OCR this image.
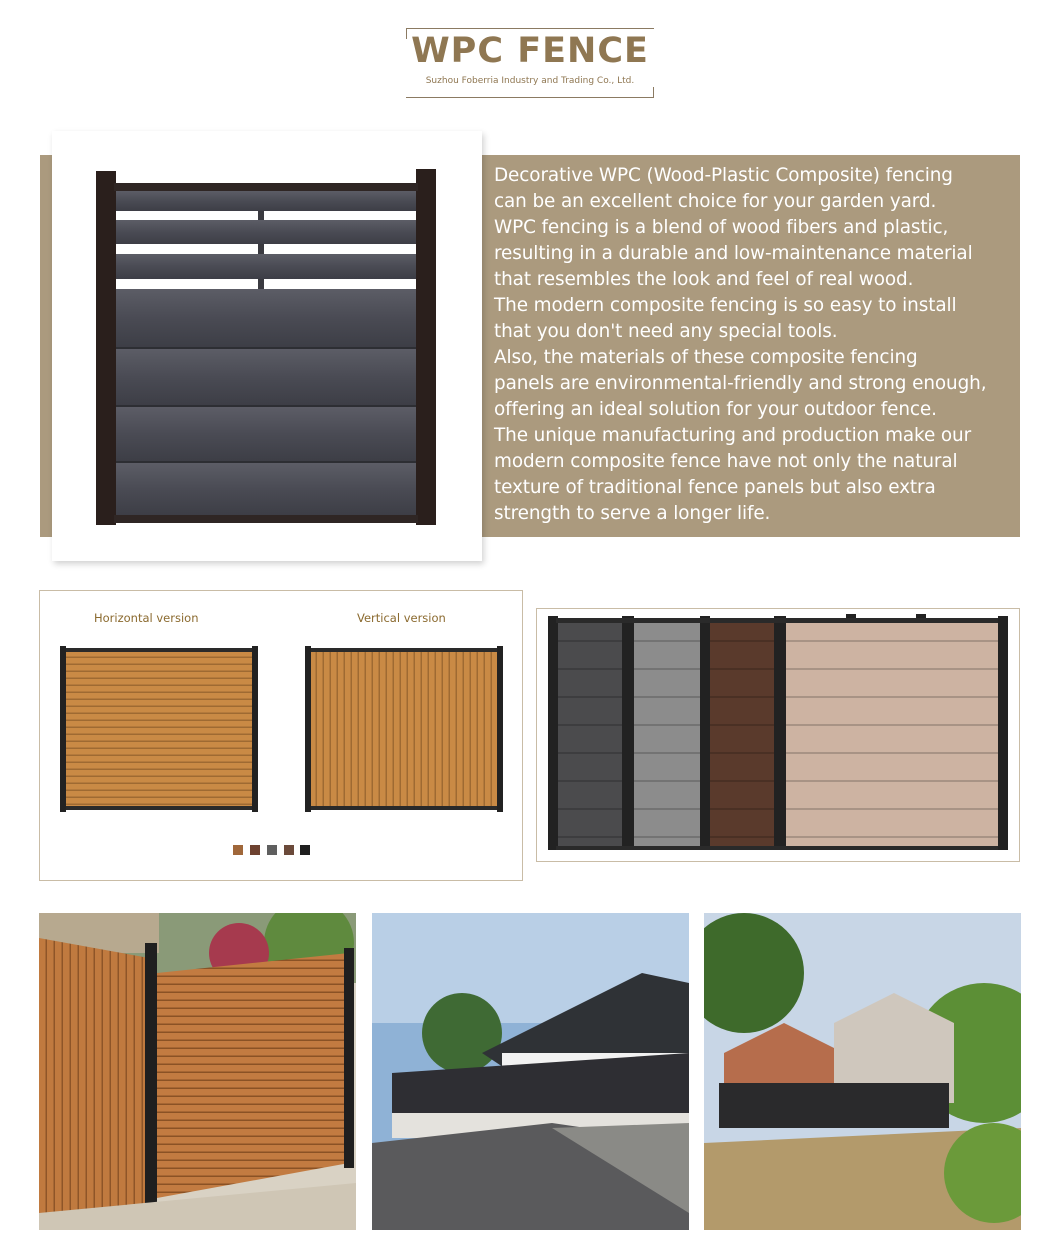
WPC FENCE
Suzhou Foberria Industry and Trading Co., Ltd.
Decorative WPC (Wood-Plastic Composite) fencing
can be an excellent choice for your garden yard.
WPC fencing is a blend of wood fibers and plastic,
resulting in a durable and low-maintenance material
that resembles the look and feel of real wood.
The modern composite fencing is so easy to install
that you don't need any special tools.
Also, the materials of these composite fencing
panels are environmental-friendly and strong enough,
offering an ideal solution for your outdoor fence.
The unique manufacturing and production make our
modern composite fence have not only the natural
texture of traditional fence panels but also extra
strength to serve a longer life.
Horizontal version	Vertical version
